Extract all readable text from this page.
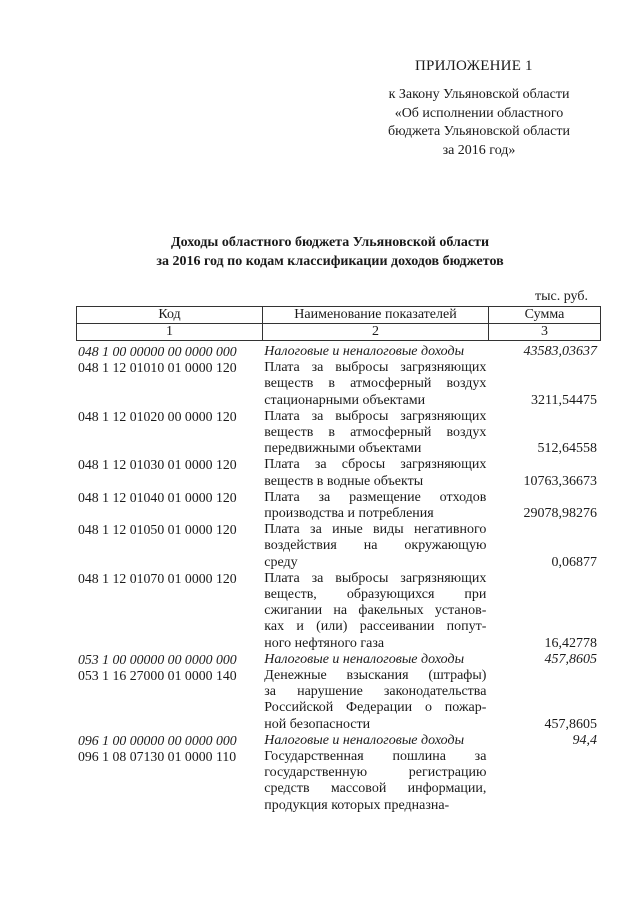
ПРИЛОЖЕНИЕ 1
к Закону Ульяновской области
«Об исполнении областного
бюджета Ульяновской области
за 2016 год»
Доходы областного бюджета Ульяновской области
за 2016 год по кодам классификации доходов бюджетов
тыс. руб.
Код	Наименование показателей	Сумма
1	2	3
048 1 00 00000 00 0000 000	Налоговые и неналоговые доходы	43583,03637
048 1 12 01010 01 0000 120	Плата за выбросы загрязняющих
веществ в атмосферный воздух
стационарными объектами	3211,54475
048 1 12 01020 00 0000 120	Плата за выбросы загрязняющих
веществ в атмосферный воздух
передвижными объектами	512,64558
048 1 12 01030 01 0000 120	Плата за сбросы загрязняющих
веществ в водные объекты	10763,36673
048 1 12 01040 01 0000 120	Плата за размещение отходов
производства и потребления	29078,98276
048 1 12 01050 01 0000 120	Плата за иные виды негативного
воздействия на окружающую
среду	0,06877
048 1 12 01070 01 0000 120	Плата за выбросы загрязняющих
веществ, образующихся при
сжигании на факельных установ-
ках и (или) рассеивании попут-
ного нефтяного газа	16,42778
053 1 00 00000 00 0000 000	Налоговые и неналоговые доходы	457,8605
053 1 16 27000 01 0000 140	Денежные взыскания (штрафы)
за нарушение законодательства
Российской Федерации о пожар-
ной безопасности	457,8605
096 1 00 00000 00 0000 000	Налоговые и неналоговые доходы	94,4
096 1 08 07130 01 0000 110	Государственная пошлина за
государственную регистрацию
средств массовой информации,
продукция которых предназна-
